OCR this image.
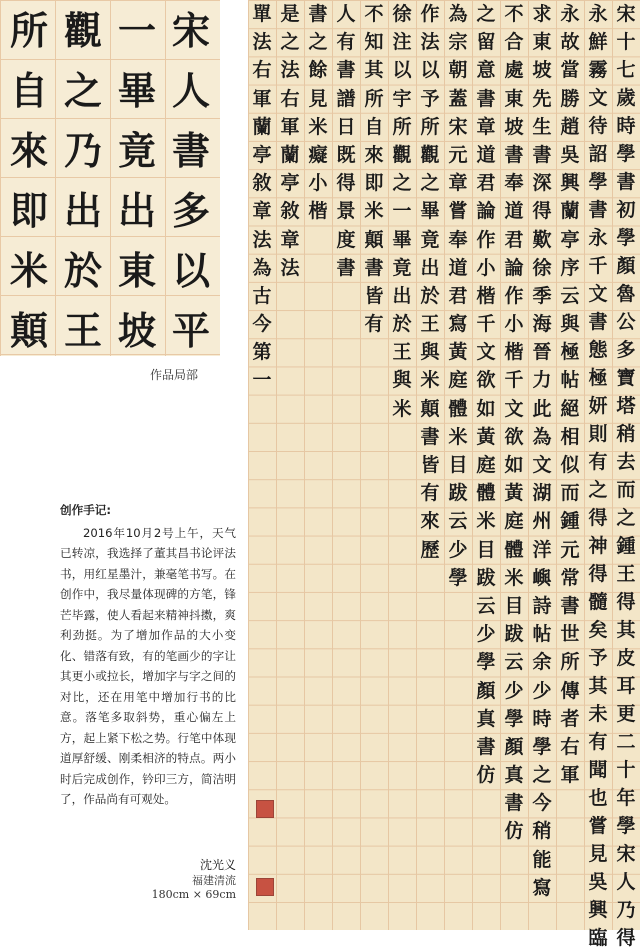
宋
人
書
多
以
平
一
畢
竟
出
東
坡
觀
之
乃
出
於
王
所
自
來
即
米
顛
作品局部
创作手记:
2016年10月2号上午，天气已转凉，我选择了董其昌书论评法书，用红星墨汁，兼毫笔书写。在创作中，我尽量体现碑的方笔，锋芒毕露，使人看起来精神抖擞，爽利劲挺。为了增加作品的大小变化、错落有致，有的笔画少的字让其更小或拉长，增加字与字之间的对比，还在用笔中增加行书的比意。落笔多取斜势，重心偏左上方，起上紧下松之势。行笔中体现道厚舒缓、刚柔相济的特点。两小时后完成创作，钤印三方，简洁明了，作品尚有可观处。
沈光义
福建清流
180cm × 69cm
宋
十
七
歲
時
學
書
初
學
顏
魯
公
多
寶
塔
稍
去
而
之
鍾
王
得
其
皮
耳
更
二
十
年
學
宋
人
乃
得
永
鮮
霧
文
待
詔
學
書
永
千
文
書
態
極
妍
則
有
之
得
神
得
髓
矣
予
其
未
有
聞
也
嘗
見
吳
興
臨
永
故
當
勝
趙
吳
興
蘭
亭
序
云
與
極
帖
絕
相
似
而
鍾
元
常
書
世
所
傳
者
右
軍
求
東
坡
先
生
書
深
得
歎
徐
季
海
晉
力
此
為
文
湖
州
洋
嶼
詩
帖
余
少
時
學
之
今
稍
能
寫
不
合
處
東
坡
書
奉
道
君
論
作
小
楷
千
文
欲
如
黃
庭
體
米
目
跋
云
少
學
顏
真
書
仿
之
留
意
書
章
道
君
論
作
小
楷
千
文
欲
如
黃
庭
體
米
目
跋
云
少
學
顏
真
書
仿
為
宗
朝
蓋
宋
元
章
嘗
奉
道
君
寫
黃
庭
體
米
目
跋
云
少
學
作
法
以
予
所
觀
之
畢
竟
出
於
王
與
米
顛
書
皆
有
來
歷
徐
注
以
宇
所
觀
之
一
畢
竟
出
於
王
與
米
不
知
其
所
自
來
即
米
顛
書
皆
有
人
有
書
譜
日
既
得
景
度
書
書
之
餘
見
米
癡
小
楷
是
之
法
右
軍
蘭
亭
敘
章
法
單
法
右
軍
蘭
亭
敘
章
法
為
古
今
第
一
